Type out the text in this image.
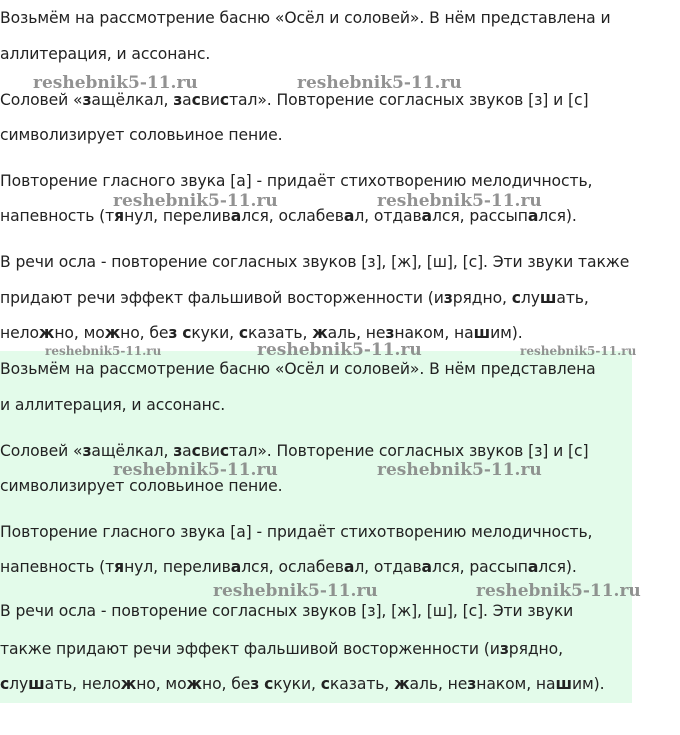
Возьмём на рассмотрение басню «Осёл и соловей». В нём представлена и
аллитерация, и ассонанс.
Соловей «защёлкал, засвистал». Повторение согласных звуков [з] и [с]
символизирует соловьиное пение.
Повторение гласного звука [а] - придаёт стихотворению мелодичность,
напевность (тянул, переливался, ослабевал, отдавался, рассыпался).
В речи осла - повторение согласных звуков [з], [ж], [ш], [с]. Эти звуки также
придают речи эффект фальшивой восторженности (изрядно, слушать,
неложно, можно, без скуки, сказать, жаль, незнаком, нашим).
reshebnik5-11.ru	reshebnik5-11.ru
reshebnik5-11.ru	reshebnik5-11.ru
reshebnik5-11.ru	reshebnik5-11.ru	reshebnik5-11.ru
Возьмём на рассмотрение басню «Осёл и соловей». В нём представлена
и аллитерация, и ассонанс.
Соловей «защёлкал, засвистал». Повторение согласных звуков [з] и [с]
символизирует соловьиное пение.
Повторение гласного звука [а] - придаёт стихотворению мелодичность,
напевность (тянул, переливался, ослабевал, отдавался, рассыпался).
В речи осла - повторение согласных звуков [з], [ж], [ш], [с]. Эти звуки
также придают речи эффект фальшивой восторженности (изрядно,
слушать, неложно, можно, без скуки, сказать, жаль, незнаком, нашим).
reshebnik5-11.ru	reshebnik5-11.ru
reshebnik5-11.ru	reshebnik5-11.ru
